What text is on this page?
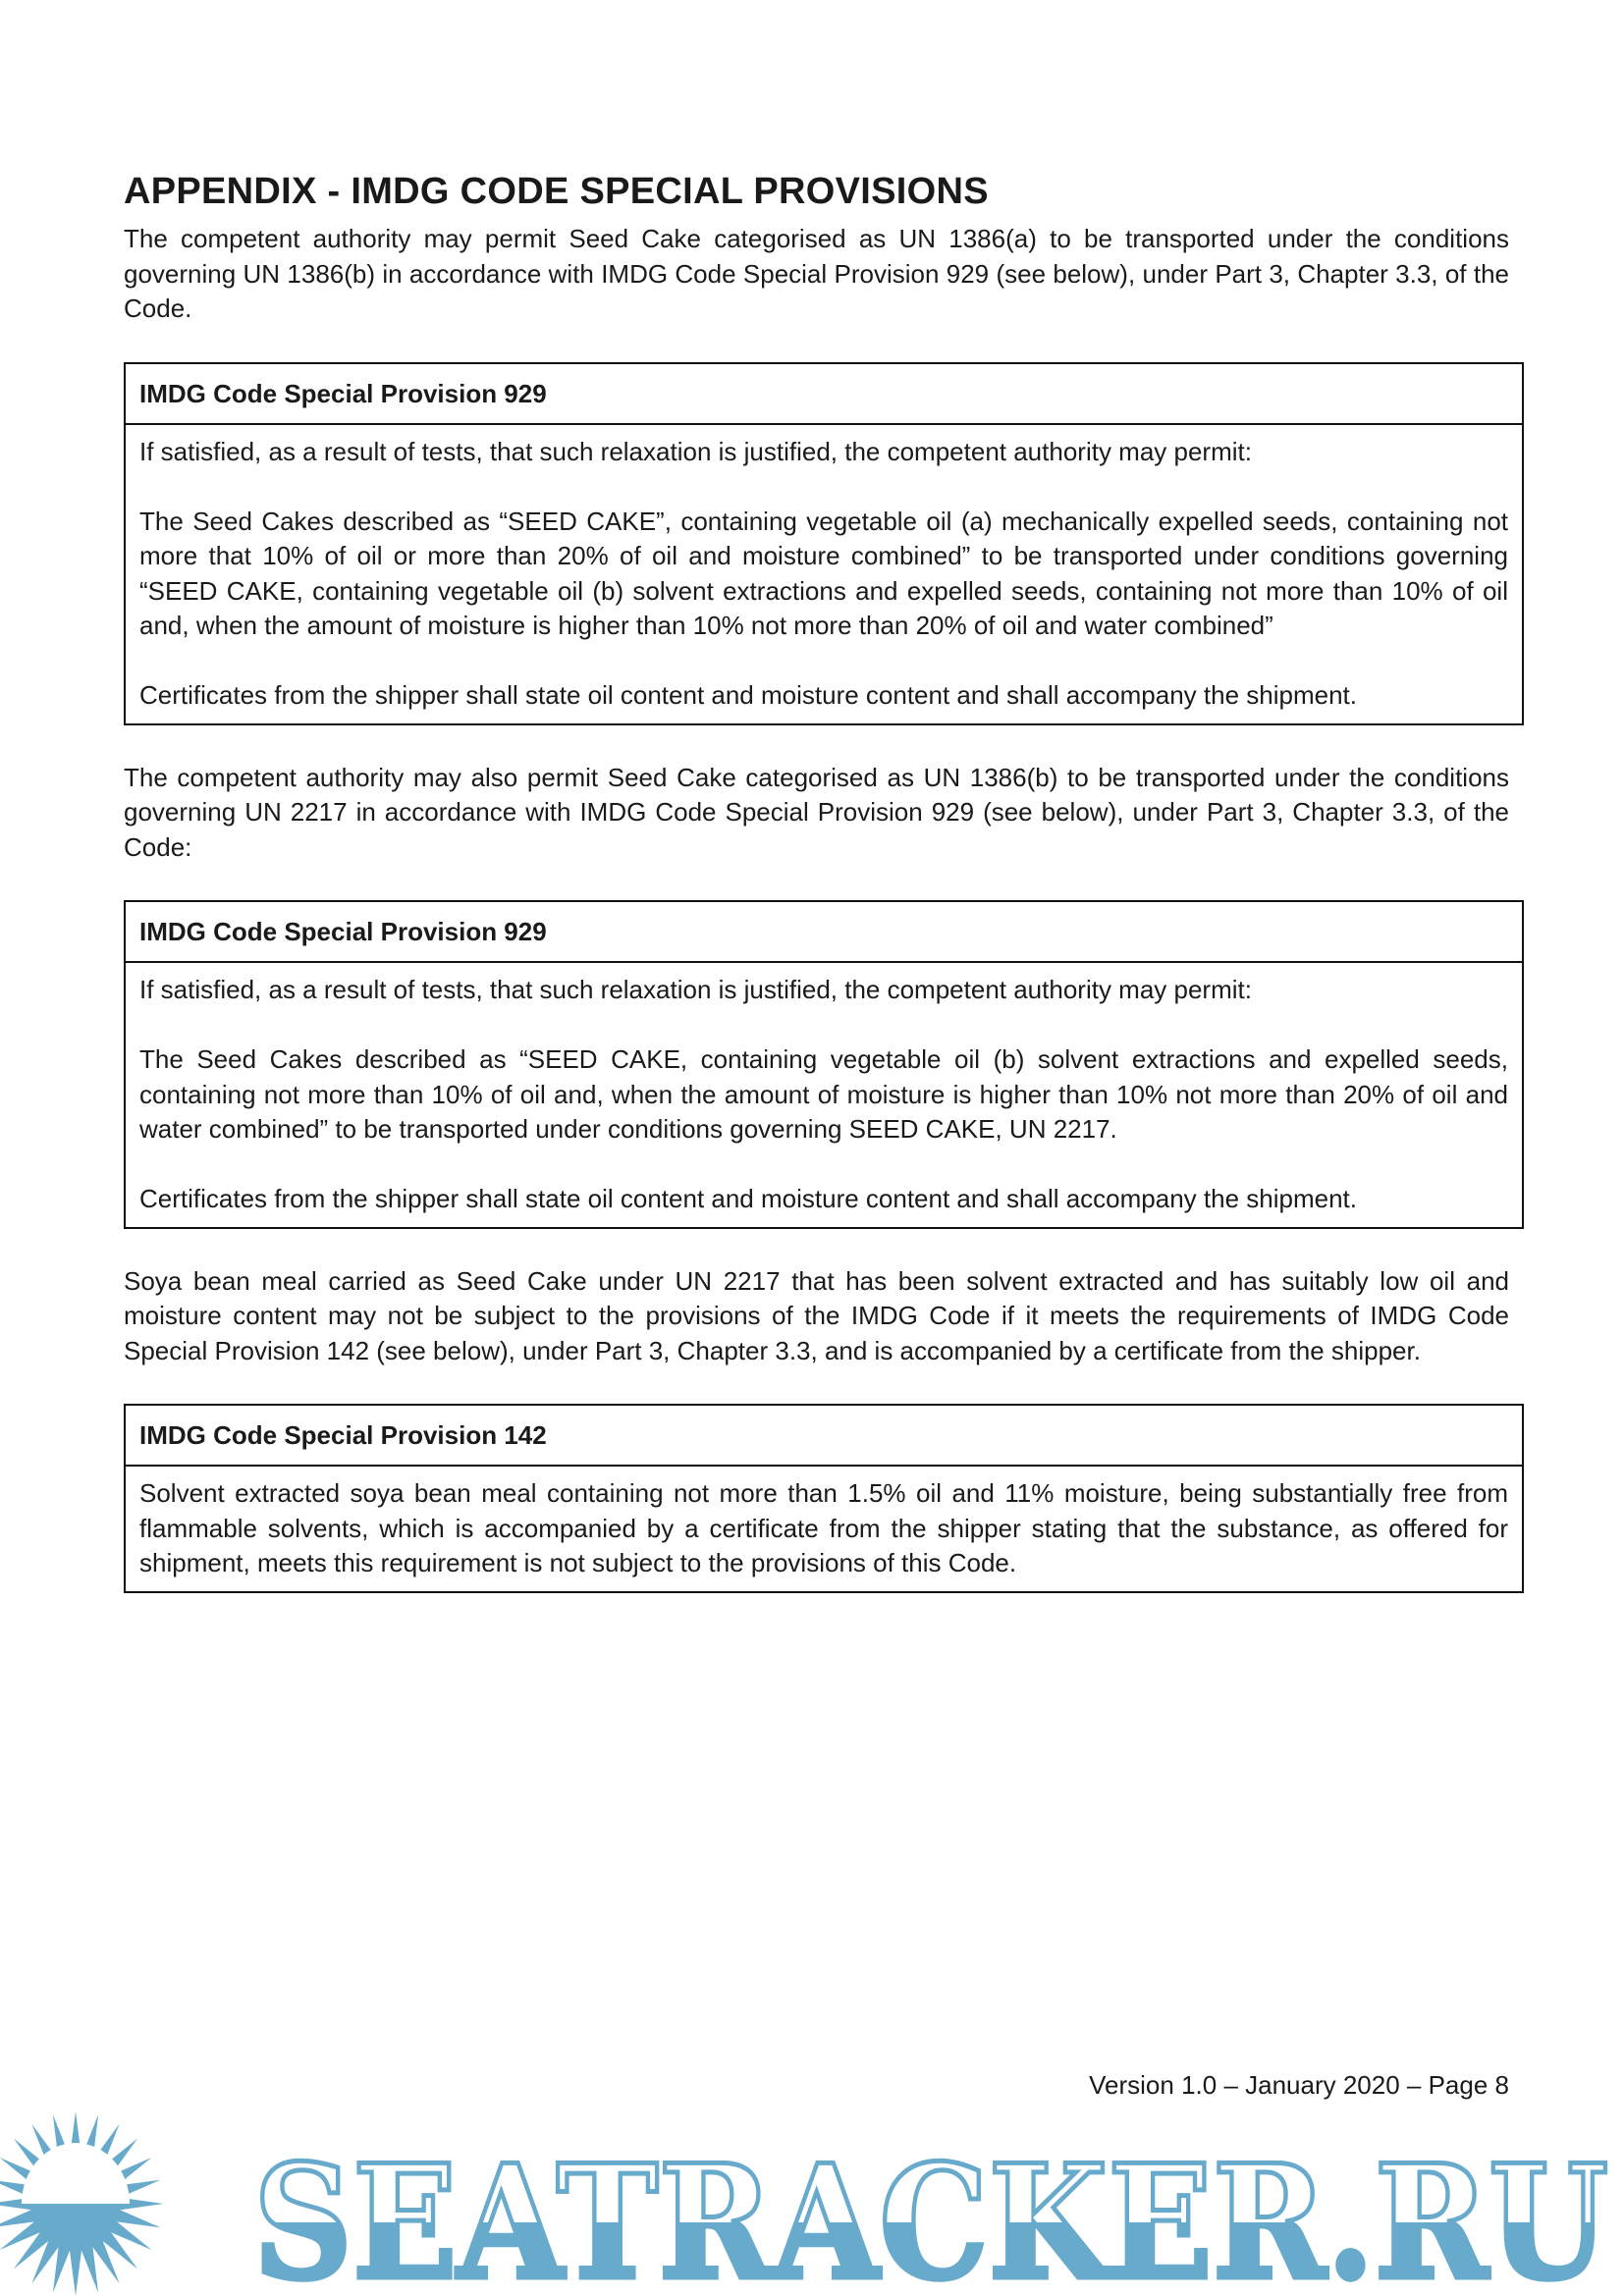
APPENDIX - IMDG CODE SPECIAL PROVISIONS

The competent authority may permit Seed Cake categorised as UN 1386(a) to be transported under the conditions governing UN 1386(b) in accordance with IMDG Code Special Provision 929 (see below), under Part 3, Chapter 3.3, of the Code.

IMDG Code Special Provision 929

If satisfied, as a result of tests, that such relaxation is justified, the competent authority may permit:

The Seed Cakes described as “SEED CAKE”, containing vegetable oil (a) mechanically expelled seeds, containing not more that 10% of oil or more than 20% of oil and moisture combined” to be transported under conditions governing “SEED CAKE, containing vegetable oil (b) solvent extractions and expelled seeds, containing not more than 10% of oil and, when the amount of moisture is higher than 10% not more than 20% of oil and water combined”

Certificates from the shipper shall state oil content and moisture content and shall accompany the shipment.

The competent authority may also permit Seed Cake categorised as UN 1386(b) to be transported under the conditions governing UN 2217 in accordance with IMDG Code Special Provision 929 (see below), under Part 3, Chapter 3.3, of the Code:

IMDG Code Special Provision 929

If satisfied, as a result of tests, that such relaxation is justified, the competent authority may permit:

The Seed Cakes described as “SEED CAKE, containing vegetable oil (b) solvent extractions and expelled seeds, containing not more than 10% of oil and, when the amount of moisture is higher than 10% not more than 20% of oil and water combined” to be transported under conditions governing SEED CAKE, UN 2217.

Certificates from the shipper shall state oil content and moisture content and shall accompany the shipment.

Soya bean meal carried as Seed Cake under UN 2217 that has been solvent extracted and has suitably low oil and moisture content may not be subject to the provisions of the IMDG Code if it meets the requirements of IMDG Code Special Provision 142 (see below), under Part 3, Chapter 3.3, and is accompanied by a certificate from the shipper.

IMDG Code Special Provision 142

Solvent extracted soya bean meal containing not more than 1.5% oil and 11% moisture, being substantially free from flammable solvents, which is accompanied by a certificate from the shipper stating that the substance, as offered for shipment, meets this requirement is not subject to the provisions of this Code.

Version 1.0 – January 2020 – Page 8
SEATRACKER.RU
